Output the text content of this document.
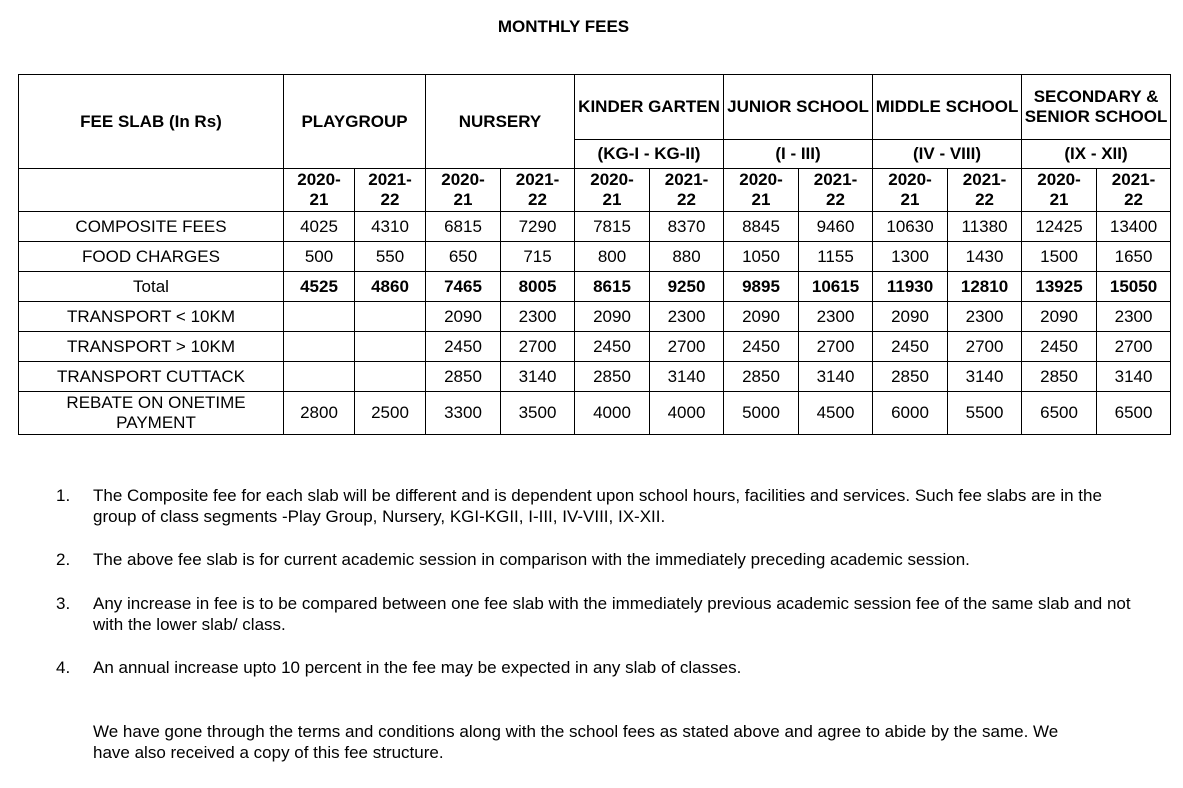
MONTHLY FEES
FEE SLAB (In Rs)	PLAYGROUP		NURSERY		KINDER GARTEN		JUNIOR SCHOOL		MIDDLE SCHOOL		SECONDARY & SENIOR SCHOOL	
					(KG-I - KG-II)		(I - III)		(IV - VIII)		(IX - XII)	
	2020-21	2021-22	2020-21	2021-22	2020-21	2021-22	2020-21	2021-22	2020-21	2021-22	2020-21	2021-22
COMPOSITE FEES	4025	4310	6815	7290	7815	8370	8845	9460	10630	11380	12425	13400
FOOD CHARGES	500	550	650	715	800	880	1050	1155	1300	1430	1500	1650
Total	4525	4860	7465	8005	8615	9250	9895	10615	11930	12810	13925	15050
TRANSPORT < 10KM			2090	2300	2090	2300	2090	2300	2090	2300	2090	2300
TRANSPORT > 10KM			2450	2700	2450	2700	2450	2700	2450	2700	2450	2700
TRANSPORT CUTTACK			2850	3140	2850	3140	2850	3140	2850	3140	2850	3140
REBATE ON ONETIME PAYMENT	2800	2500	3300	3500	4000	4000	5000	4500	6000	5500	6500	6500
1. The Composite fee for each slab will be different and is dependent upon school hours, facilities and services. Such fee slabs are in the group of class segments -Play Group, Nursery, KGI-KGII, I-III, IV-VIII, IX-XII.
2. The above fee slab is for current academic session in comparison with the immediately preceding academic session.
3. Any increase in fee is to be compared between one fee slab with the immediately previous academic session fee of the same slab and not with the lower slab/ class.
4. An annual increase upto 10 percent in the fee may be expected in any slab of classes.
We have gone through the terms and conditions along with the school fees as stated above and agree to abide by the same. We have also received a copy of this fee structure.
